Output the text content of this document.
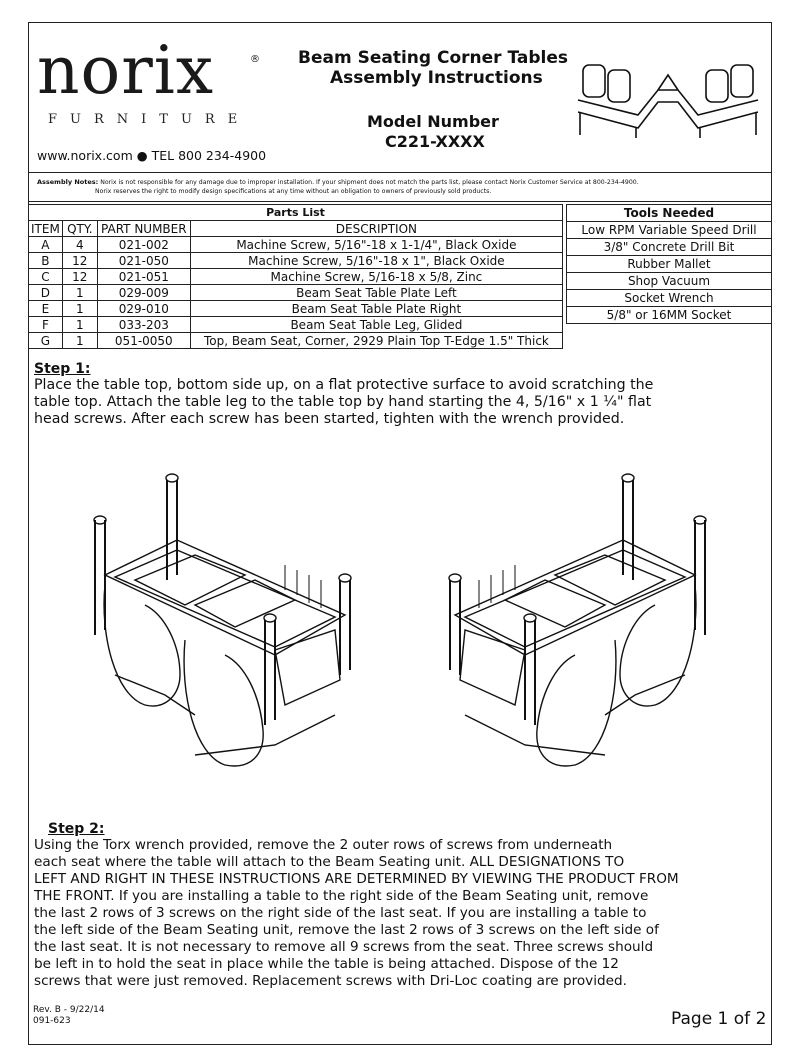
norix	®
FURNITURE
www.norix.com ● TEL 800 234-4900
Beam Seating Corner Tables
Assembly Instructions
Model Number
C221-XXXX
Assembly Notes: Norix is not responsible for any damage due to improper installation. If your shipment does not match the parts list, please contact Norix Customer Service at 800-234-4900.
Norix reserves the right to modify design specifications at any time without an obligation to owners of previously sold products.
Parts List			
ITEM	QTY.	PART NUMBER	DESCRIPTION
A	4	021-002	Machine Screw, 5/16"-18 x 1-1/4", Black Oxide
B	12	021-050	Machine Screw, 5/16"-18 x 1", Black Oxide
C	12	021-051	Machine Screw, 5/16-18 x 5/8, Zinc
D	1	029-009	Beam Seat Table Plate Left
E	1	029-010	Beam Seat Table Plate Right
F	1	033-203	Beam Seat Table Leg, Glided
G	1	051-0050	Top, Beam Seat, Corner, 2929 Plain Top T-Edge 1.5" Thick
Tools Needed
Low RPM Variable Speed Drill
3/8" Concrete Drill Bit
Rubber Mallet
Shop Vacuum
Socket Wrench
5/8" or 16MM Socket
Step 1:
Place the table top, bottom side up, on a flat protective surface to avoid scratching the
table top. Attach the table leg to the table top by hand starting the 4, 5/16" x 1 ¼" flat
head screws. After each screw has been started, tighten with the wrench provided.
Step 2:
Using the Torx wrench provided, remove the 2 outer rows of screws from underneath
each seat where the table will attach to the Beam Seating unit. ALL DESIGNATIONS TO
LEFT AND RIGHT IN THESE INSTRUCTIONS ARE DETERMINED BY VIEWING THE PRODUCT FROM
THE FRONT. If you are installing a table to the right side of the Beam Seating unit, remove
the last 2 rows of 3 screws on the right side of the last seat. If you are installing a table to
the left side of the Beam Seating unit, remove the last 2 rows of 3 screws on the left side of
the last seat. It is not necessary to remove all 9 screws from the seat. Three screws should
be left in to hold the seat in place while the table is being attached. Dispose of the 12
screws that were just removed. Replacement screws with Dri-Loc coating are provided.
Rev. B - 9/22/14
091-623	Page 1 of 2
